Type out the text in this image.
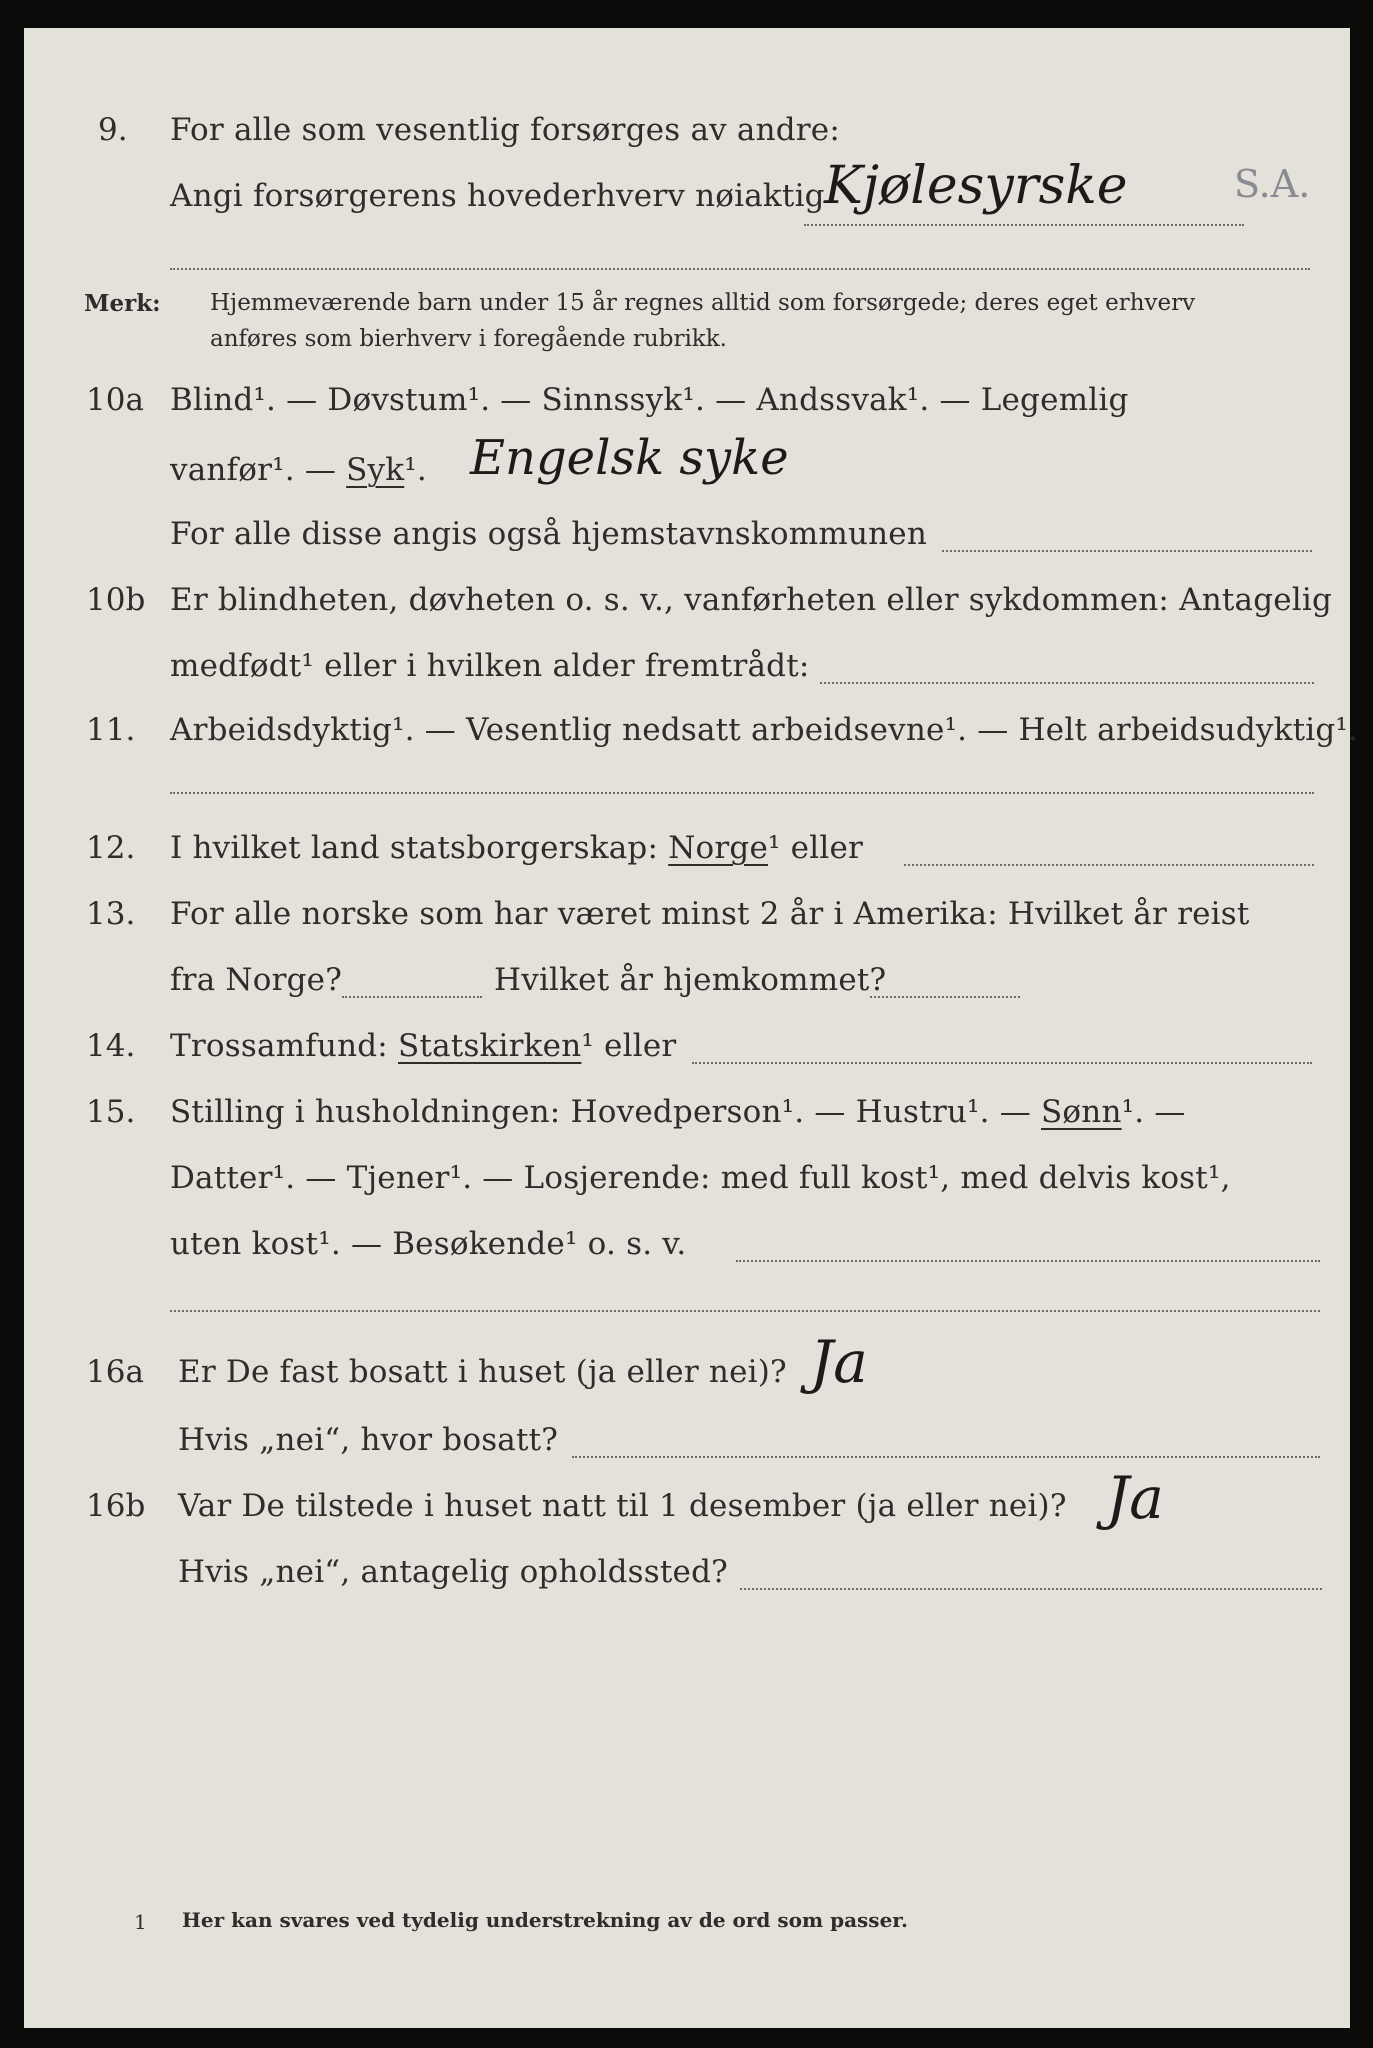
9. For alle som vesentlig forsørges av andre:
Angi forsørgerens hovederhverv nøiaktig Kjølesyrske	S.A.
Merk: Hjemmeværende barn under 15 år regnes alltid som forsørgede; deres eget erhverv
anføres som bierhverv i foregående rubrikk.
10a Blind¹. — Døvstum¹. — Sinnssyk¹. — Andssvak¹. — Legemlig
vanfør¹. — Syk¹. Engelsk syke
For alle disse angis også hjemstavnskommunen
10b Er blindheten, døvheten o. s. v., vanførheten eller sykdommen: Antagelig
medfødt¹ eller i hvilken alder fremtrådt:
11. Arbeidsdyktig¹. — Vesentlig nedsatt arbeidsevne¹. — Helt arbeidsudyktig¹.
12. I hvilket land statsborgerskap: Norge¹ eller
13. For alle norske som har været minst 2 år i Amerika: Hvilket år reist
fra Norge?	Hvilket år hjemkommet?
14. Trossamfund: Statskirken¹ eller
15. Stilling i husholdningen: Hovedperson¹. — Hustru¹. — Sønn¹. —
Datter¹. — Tjener¹. — Losjerende: med full kost¹, med delvis kost¹,
uten kost¹. — Besøkende¹ o. s. v.
16a Er De fast bosatt i huset (ja eller nei)? Ja
Hvis „nei“, hvor bosatt?
16b Var De tilstede i huset natt til 1 desember (ja eller nei)? Ja
Hvis „nei“, antagelig opholdssted?
1 Her kan svares ved tydelig understrekning av de ord som passer.
